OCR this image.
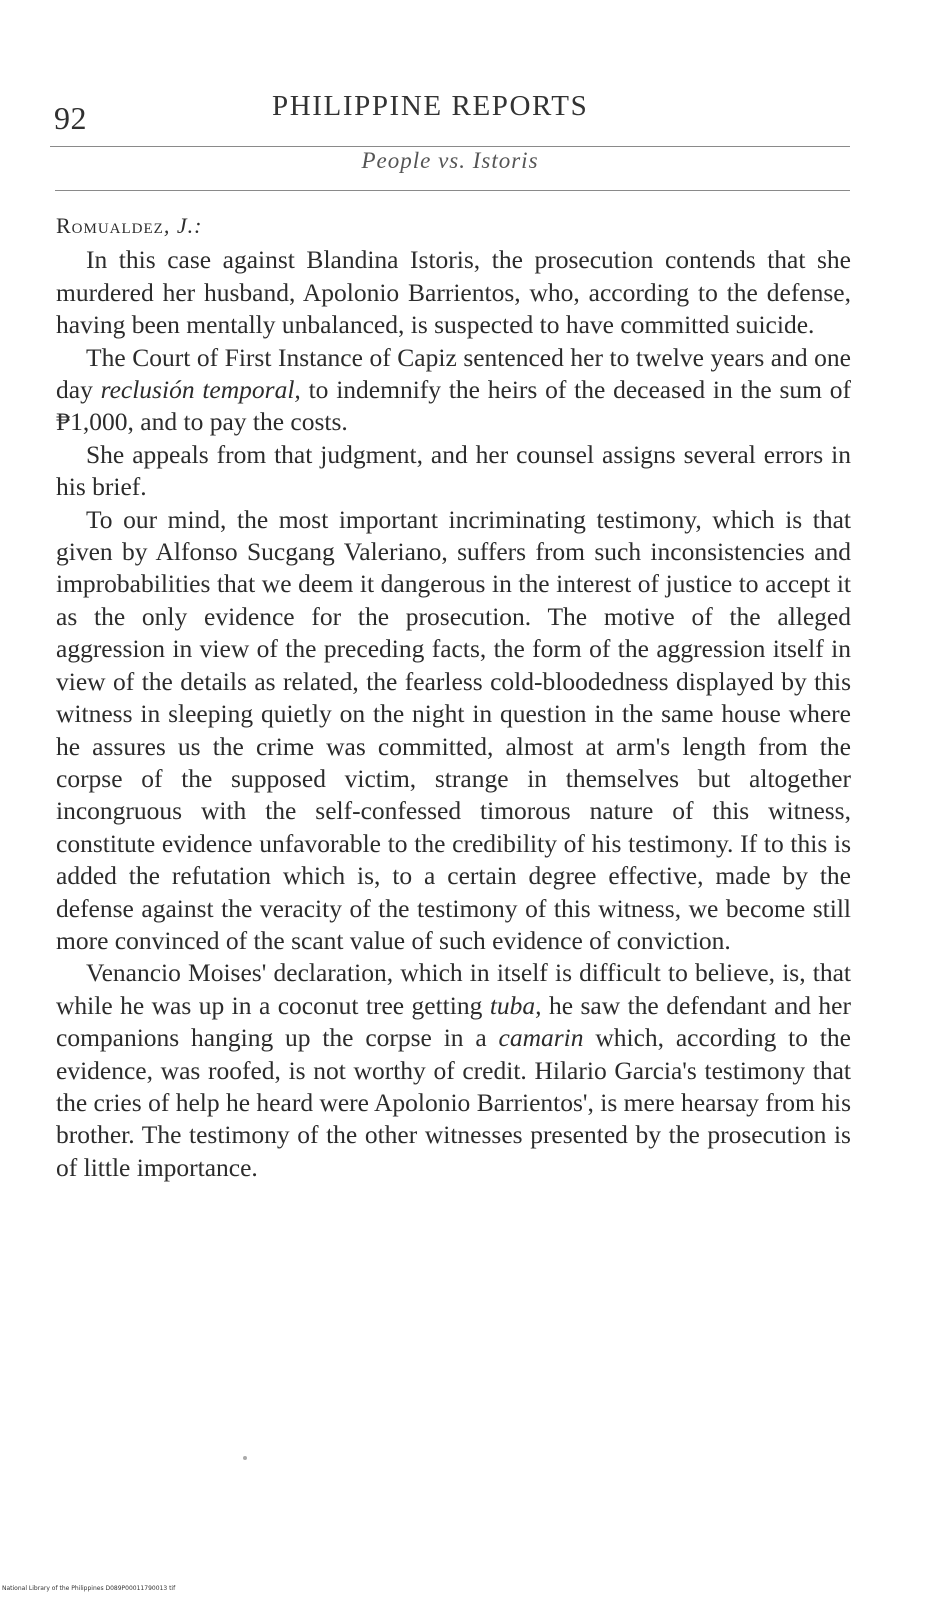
92	PHILIPPINE REPORTS
People vs. Istoris
Romualdez, J.:

In this case against Blandina Istoris, the prosecution contends that she murdered her husband, Apolonio Barrientos, who, according to the defense, having been mentally unbalanced, is suspected to have committed suicide.

The Court of First Instance of Capiz sentenced her to twelve years and one day reclusión temporal, to indemnify the heirs of the deceased in the sum of ₱1,000, and to pay the costs.

She appeals from that judgment, and her counsel assigns several errors in his brief.

To our mind, the most important incriminating testimony, which is that given by Alfonso Sucgang Valeriano, suffers from such inconsistencies and improbabilities that we deem it dangerous in the interest of justice to accept it as the only evidence for the prosecution. The motive of the alleged aggression in view of the preceding facts, the form of the aggression itself in view of the details as related, the fearless cold-bloodedness displayed by this witness in sleeping quietly on the night in question in the same house where he assures us the crime was committed, almost at arm's length from the corpse of the supposed victim, strange in themselves but altogether incongruous with the self-confessed timorous nature of this witness, constitute evidence unfavorable to the credibility of his testimony. If to this is added the refutation which is, to a certain degree effective, made by the defense against the veracity of the testimony of this witness, we become still more convinced of the scant value of such evidence of conviction.

Venancio Moises' declaration, which in itself is difficult to believe, is, that while he was up in a coconut tree getting tuba, he saw the defendant and her companions hanging up the corpse in a camarin which, according to the evidence, was roofed, is not worthy of credit. Hilario Garcia's testimony that the cries of help he heard were Apolonio Barrientos', is mere hearsay from his brother. The testimony of the other witnesses presented by the prosecution is of little importance.

National Library of the Philippines D089P00011790013 tif
